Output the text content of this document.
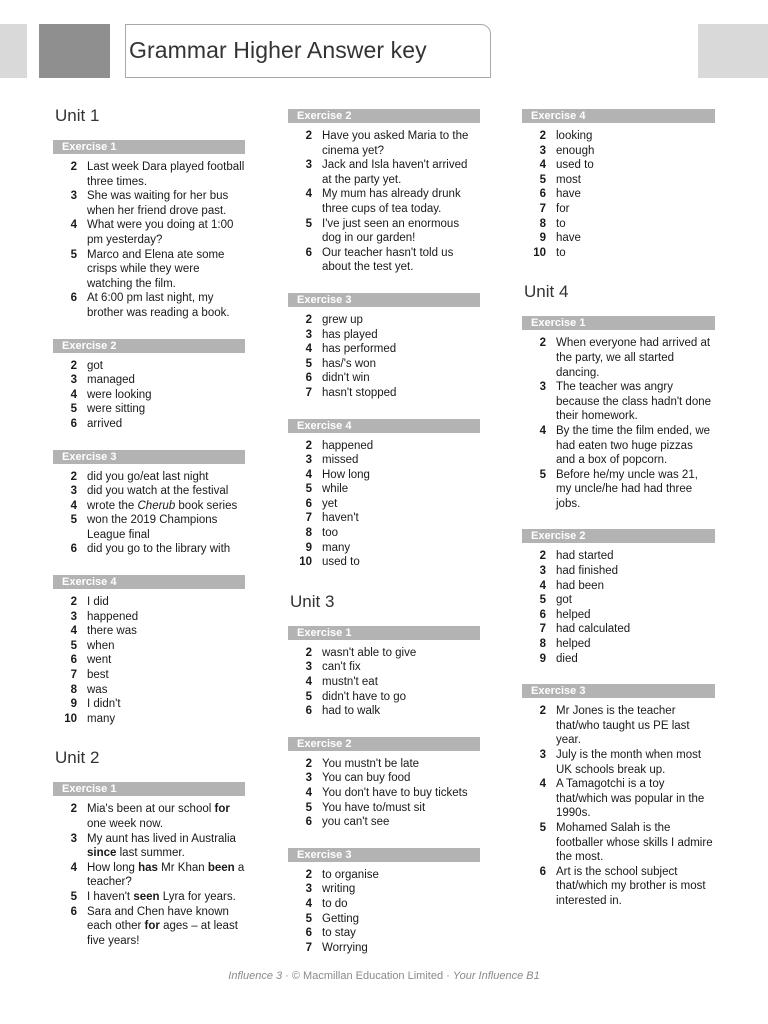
Grammar Higher Answer key
Unit 1
Exercise 1
2 Last week Dara played football three times.
3 She was waiting for her bus when her friend drove past.
4 What were you doing at 1:00 pm yesterday?
5 Marco and Elena ate some crisps while they were watching the film.
6 At 6:00 pm last night, my brother was reading a book.
Exercise 2
2 got
3 managed
4 were looking
5 were sitting
6 arrived
Exercise 3
2 did you go/eat last night
3 did you watch at the festival
4 wrote the Cherub book series
5 won the 2019 Champions League final
6 did you go to the library with
Exercise 4
2 I did
3 happened
4 there was
5 when
6 went
7 best
8 was
9 I didn't
10 many
Unit 2
Exercise 1
2 Mia's been at our school for one week now.
3 My aunt has lived in Australia since last summer.
4 How long has Mr Khan been a teacher?
5 I haven't seen Lyra for years.
6 Sara and Chen have known each other for ages – at least five years!
Exercise 2
2 Have you asked Maria to the cinema yet?
3 Jack and Isla haven't arrived at the party yet.
4 My mum has already drunk three cups of tea today.
5 I've just seen an enormous dog in our garden!
6 Our teacher hasn't told us about the test yet.
Exercise 3
2 grew up
3 has played
4 has performed
5 has/'s won
6 didn't win
7 hasn't stopped
Exercise 4
2 happened
3 missed
4 How long
5 while
6 yet
7 haven't
8 too
9 many
10 used to
Unit 3
Exercise 1
2 wasn't able to give
3 can't fix
4 mustn't eat
5 didn't have to go
6 had to walk
Exercise 2
2 You mustn't be late
3 You can buy food
4 You don't have to buy tickets
5 You have to/must sit
6 you can't see
Exercise 3
2 to organise
3 writing
4 to do
5 Getting
6 to stay
7 Worrying
Exercise 4
2 looking
3 enough
4 used to
5 most
6 have
7 for
8 to
9 have
10 to
Unit 4
Exercise 1
2 When everyone had arrived at the party, we all started dancing.
3 The teacher was angry because the class hadn't done their homework.
4 By the time the film ended, we had eaten two huge pizzas and a box of popcorn.
5 Before he/my uncle was 21, my uncle/he had had three jobs.
Exercise 2
2 had started
3 had finished
4 had been
5 got
6 helped
7 had calculated
8 helped
9 died
Exercise 3
2 Mr Jones is the teacher that/who taught us PE last year.
3 July is the month when most UK schools break up.
4 A Tamagotchi is a toy that/which was popular in the 1990s.
5 Mohamed Salah is the footballer whose skills I admire the most.
6 Art is the school subject that/which my brother is most interested in.
Influence 3 · © Macmillan Education Limited · Your Influence B1
